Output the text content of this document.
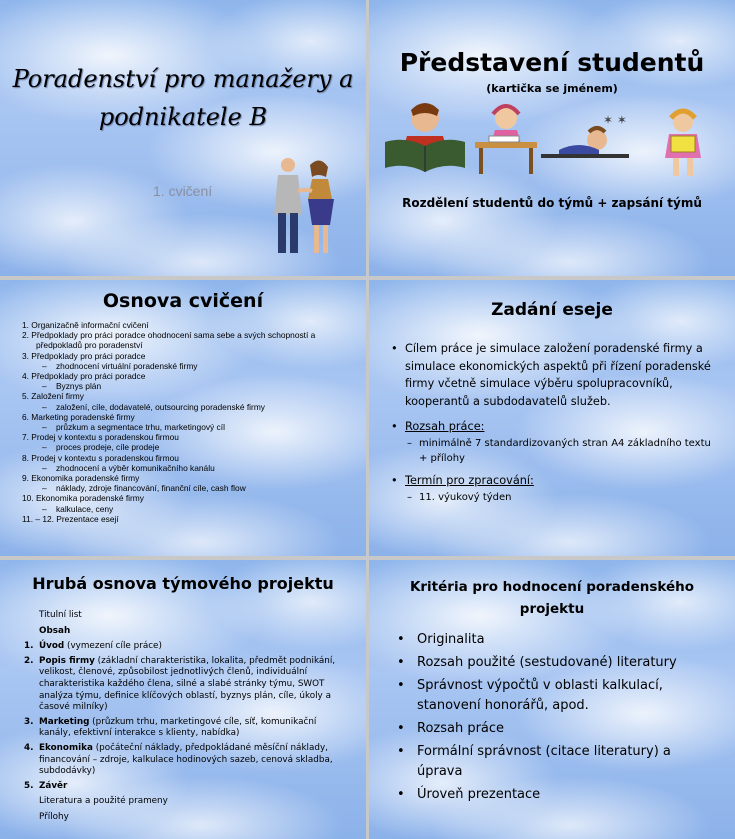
Poradenství pro manažery a
podnikatele B
1. cvičení
Představení studentů
(kartička se jménem)
✶ ✶
Rozdělení studentů do týmů + zapsání týmů
Osnova cvičení
1. Organizačně informační cvičení
2. Předpoklady pro práci poradce ohodnocení sama sebe a svých schopností a
předpokladů pro poradenství
3. Předpoklady pro práci poradce
–    zhodnocení virtuální poradenské firmy
4. Předpoklady pro práci poradce
–    Byznys plán
5. Založení firmy
–    založení, cíle, dodavatelé, outsourcing poradenské firmy
6. Marketing poradenské firmy
–    průzkum a segmentace trhu, marketingový cíl
7. Prodej v kontextu s poradenskou firmou
–    proces prodeje, cíle prodeje
8. Prodej v kontextu s poradenskou firmou
–    zhodnocení a výběr komunikačního kanálu
9. Ekonomika poradenské firmy
–    náklady, zdroje financování, finanční cíle, cash flow
10. Ekonomika poradenské firmy
–    kalkulace, ceny
11. – 12. Prezentace esejí
Zadání eseje
• Cílem práce je simulace založení poradenské firmy a simulace ekonomických aspektů při řízení poradenské firmy včetně simulace výběru spolupracovníků, kooperantů a subdodavatelů služeb.
• Rozsah práce:
– minimálně 7 standardizovaných stran A4 základního textu + přílohy
• Termín pro zpracování:
– 11. výukový týden
Hrubá osnova týmového projektu
Titulní list
Obsah
1. Úvod (vymezení cíle práce)
2. Popis firmy (základní charakteristika, lokalita, předmět podnikání, velikost, členové, způsobilost jednotlivých členů, individuální charakteristika každého člena, silné a slabé stránky týmu, SWOT analýza týmu, definice klíčových oblastí, byznys plán, cíle, úkoly a časové milníky)
3. Marketing (průzkum trhu, marketingové cíle, síť, komunikační kanály, efektivní interakce s klienty, nabídka)
4. Ekonomika (počáteční náklady, předpokládané měsíční náklady, financování – zdroje, kalkulace hodinových sazeb, cenová skladba, subdodávky)
5. Závěr
Literatura a použité prameny
Přílohy
Kritéria pro hodnocení poradenského projektu
• Originalita
• Rozsah použité (sestudované) literatury
• Správnost výpočtů v oblasti kalkulací, stanovení honorářů, apod.
• Rozsah práce
• Formální správnost (citace literatury) a úprava
• Úroveň prezentace
